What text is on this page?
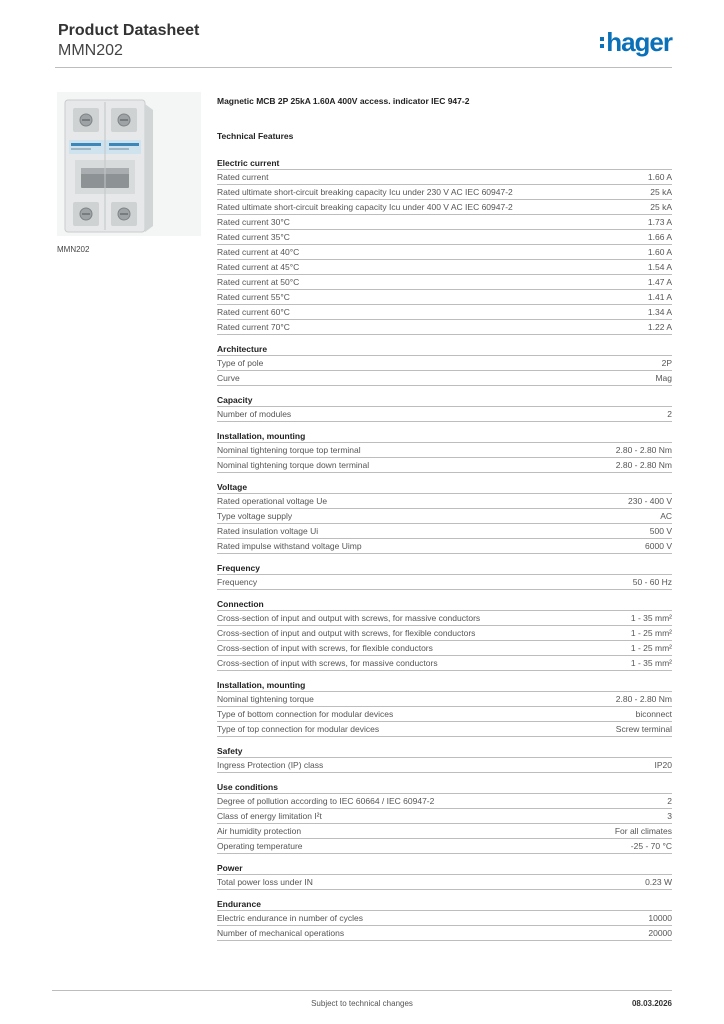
Product Datasheet
MMN202	hager
MMN202
Magnetic MCB 2P 25kA 1.60A 400V access. indicator IEC 947-2
Technical Features
Electric current
Rated current	1.60 A
Rated ultimate short-circuit breaking capacity Icu under 230 V AC IEC 60947-2	25 kA
Rated ultimate short-circuit breaking capacity Icu under 400 V AC IEC 60947-2	25 kA
Rated current 30°C	1.73 A
Rated current 35°C	1.66 A
Rated current at 40°C	1.60 A
Rated current at 45°C	1.54 A
Rated current at 50°C	1.47 A
Rated current 55°C	1.41 A
Rated current 60°C	1.34 A
Rated current 70°C	1.22 A
Architecture
Type of pole	2P
Curve	Mag
Capacity
Number of modules	2
Installation, mounting
Nominal tightening torque top terminal	2.80 - 2.80 Nm
Nominal tightening torque down terminal	2.80 - 2.80 Nm
Voltage
Rated operational voltage Ue	230 - 400 V
Type voltage supply	AC
Rated insulation voltage Ui	500 V
Rated impulse withstand voltage Uimp	6000 V
Frequency
Frequency	50 - 60 Hz
Connection
Cross-section of input and output with screws, for massive conductors	1 - 35 mm²
Cross-section of input and output with screws, for flexible conductors	1 - 25 mm²
Cross-section of input with screws, for flexible conductors	1 - 25 mm²
Cross-section of input with screws, for massive conductors	1 - 35 mm²
Installation, mounting
Nominal tightening torque	2.80 - 2.80 Nm
Type of bottom connection for modular devices	biconnect
Type of top connection for modular devices	Screw terminal
Safety
Ingress Protection (IP) class	IP20
Use conditions
Degree of pollution according to IEC 60664 / IEC 60947-2	2
Class of energy limitation I²t	3
Air humidity protection	For all climates
Operating temperature	-25 - 70 °C
Power
Total power loss under IN	0.23 W
Endurance
Electric endurance in number of cycles	10000
Number of mechanical operations	20000
Subject to technical changes	08.03.2026
